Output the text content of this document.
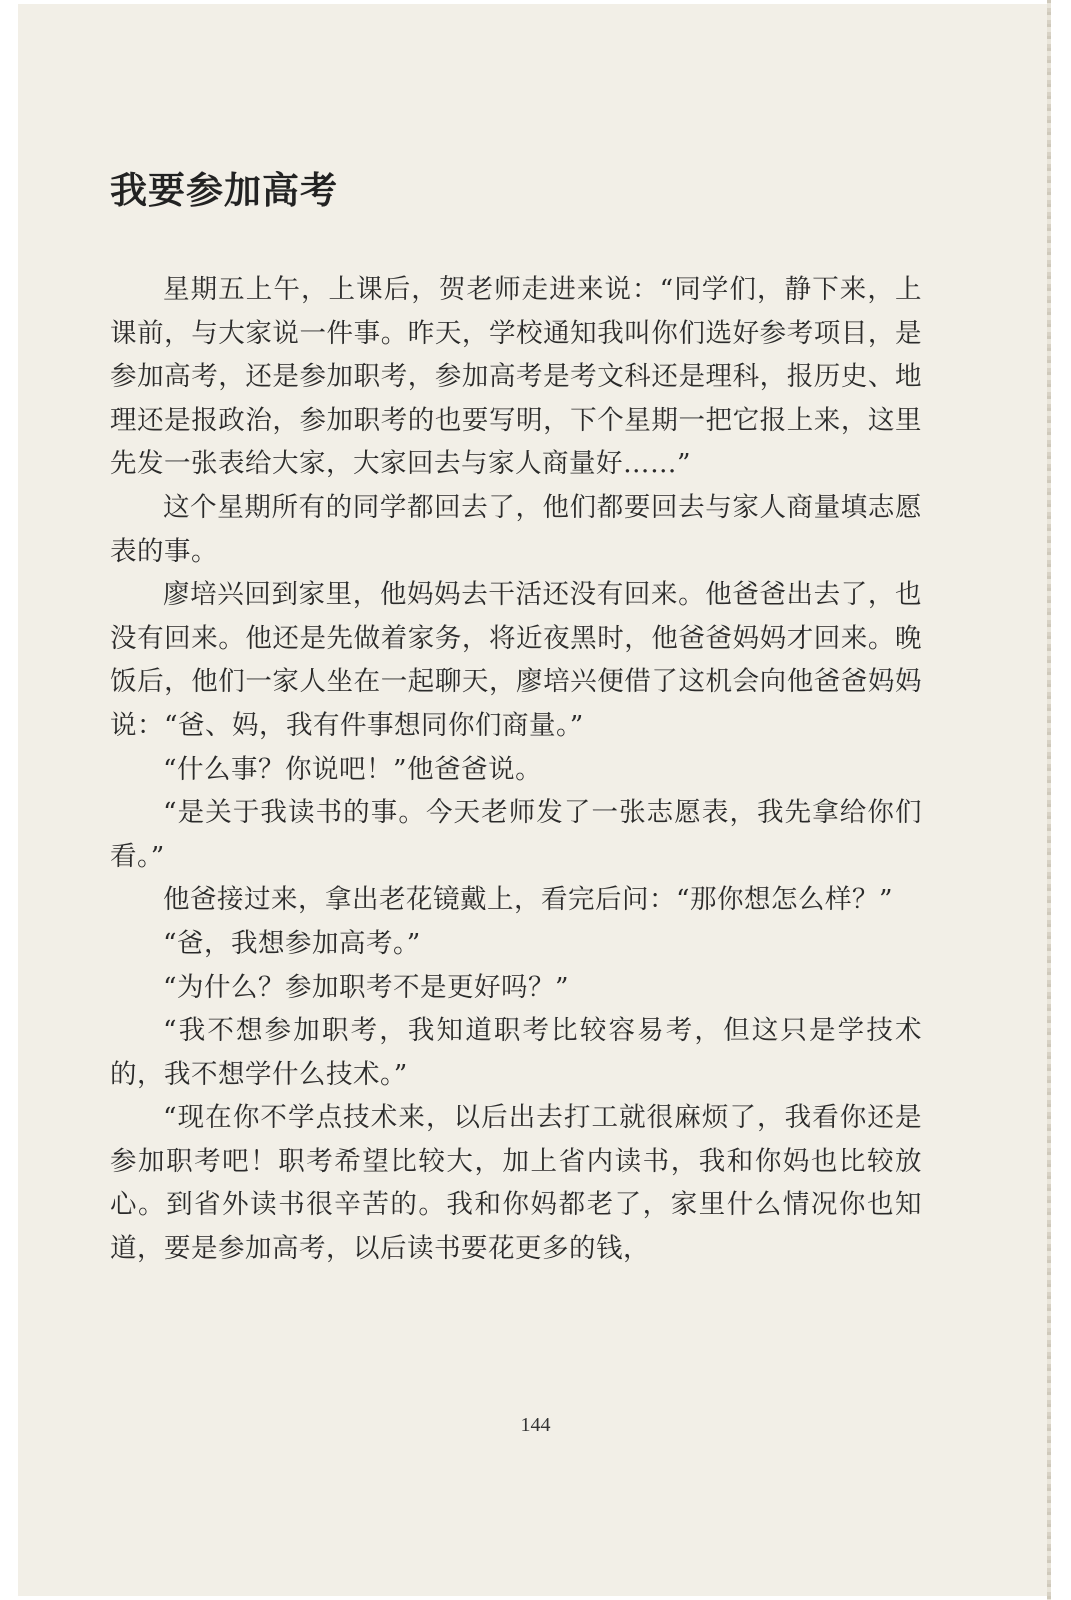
我要参加高考

星期五上午，上课后，贺老师走进来说：“同学们，静下来，上课前，与大家说一件事。昨天，学校通知我叫你们选好参考项目，是参加高考，还是参加职考，参加高考是考文科还是理科，报历史、地理还是报政治，参加职考的也要写明，下个星期一把它报上来，这里先发一张表给大家，大家回去与家人商量好……”

这个星期所有的同学都回去了，他们都要回去与家人商量填志愿表的事。

廖培兴回到家里，他妈妈去干活还没有回来。他爸爸出去了，也没有回来。他还是先做着家务，将近夜黑时，他爸爸妈妈才回来。晚饭后，他们一家人坐在一起聊天，廖培兴便借了这机会向他爸爸妈妈说：“爸、妈，我有件事想同你们商量。”

“什么事？你说吧！”他爸爸说。

“是关于我读书的事。今天老师发了一张志愿表，我先拿给你们看。”

他爸接过来，拿出老花镜戴上，看完后问：“那你想怎么样？”

“爸，我想参加高考。”

“为什么？参加职考不是更好吗？”

“我不想参加职考，我知道职考比较容易考，但这只是学技术的，我不想学什么技术。”

“现在你不学点技术来，以后出去打工就很麻烦了，我看你还是参加职考吧！职考希望比较大，加上省内读书，我和你妈也比较放心。到省外读书很辛苦的。我和你妈都老了，家里什么情况你也知道，要是参加高考，以后读书要花更多的钱，

144
